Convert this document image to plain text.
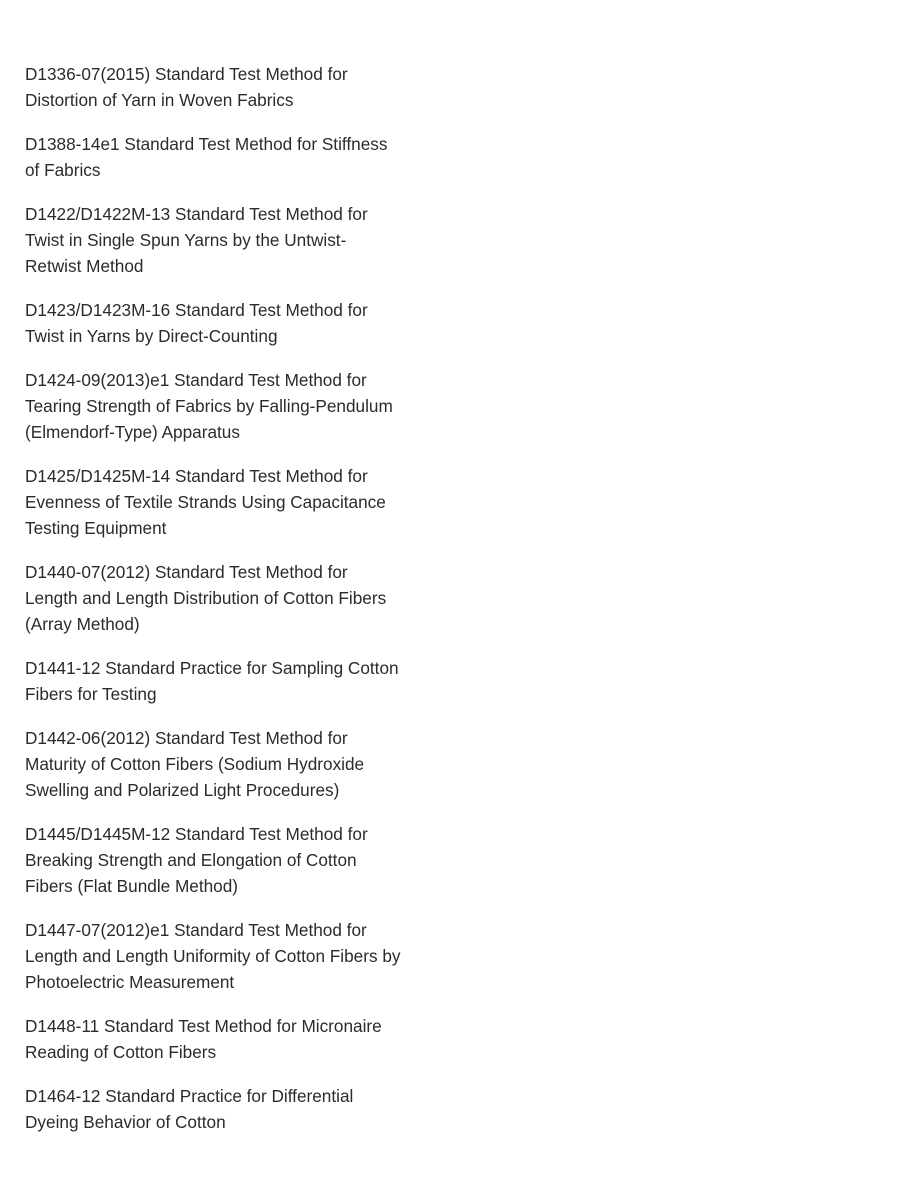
D1336-07(2015) Standard Test Method for
Distortion of Yarn in Woven Fabrics
D1388-14e1 Standard Test Method for Stiffness
of Fabrics
D1422/D1422M-13 Standard Test Method for
Twist in Single Spun Yarns by the Untwist-
Retwist Method
D1423/D1423M-16 Standard Test Method for
Twist in Yarns by Direct-Counting
D1424-09(2013)e1 Standard Test Method for
Tearing Strength of Fabrics by Falling-Pendulum
(Elmendorf-Type) Apparatus
D1425/D1425M-14 Standard Test Method for
Evenness of Textile Strands Using Capacitance
Testing Equipment
D1440-07(2012) Standard Test Method for
Length and Length Distribution of Cotton Fibers
(Array Method)
D1441-12 Standard Practice for Sampling Cotton
Fibers for Testing
D1442-06(2012) Standard Test Method for
Maturity of Cotton Fibers (Sodium Hydroxide
Swelling and Polarized Light Procedures)
D1445/D1445M-12 Standard Test Method for
Breaking Strength and Elongation of Cotton
Fibers (Flat Bundle Method)
D1447-07(2012)e1 Standard Test Method for
Length and Length Uniformity of Cotton Fibers by
Photoelectric Measurement
D1448-11 Standard Test Method for Micronaire
Reading of Cotton Fibers
D1464-12 Standard Practice for Differential
Dyeing Behavior of Cotton
